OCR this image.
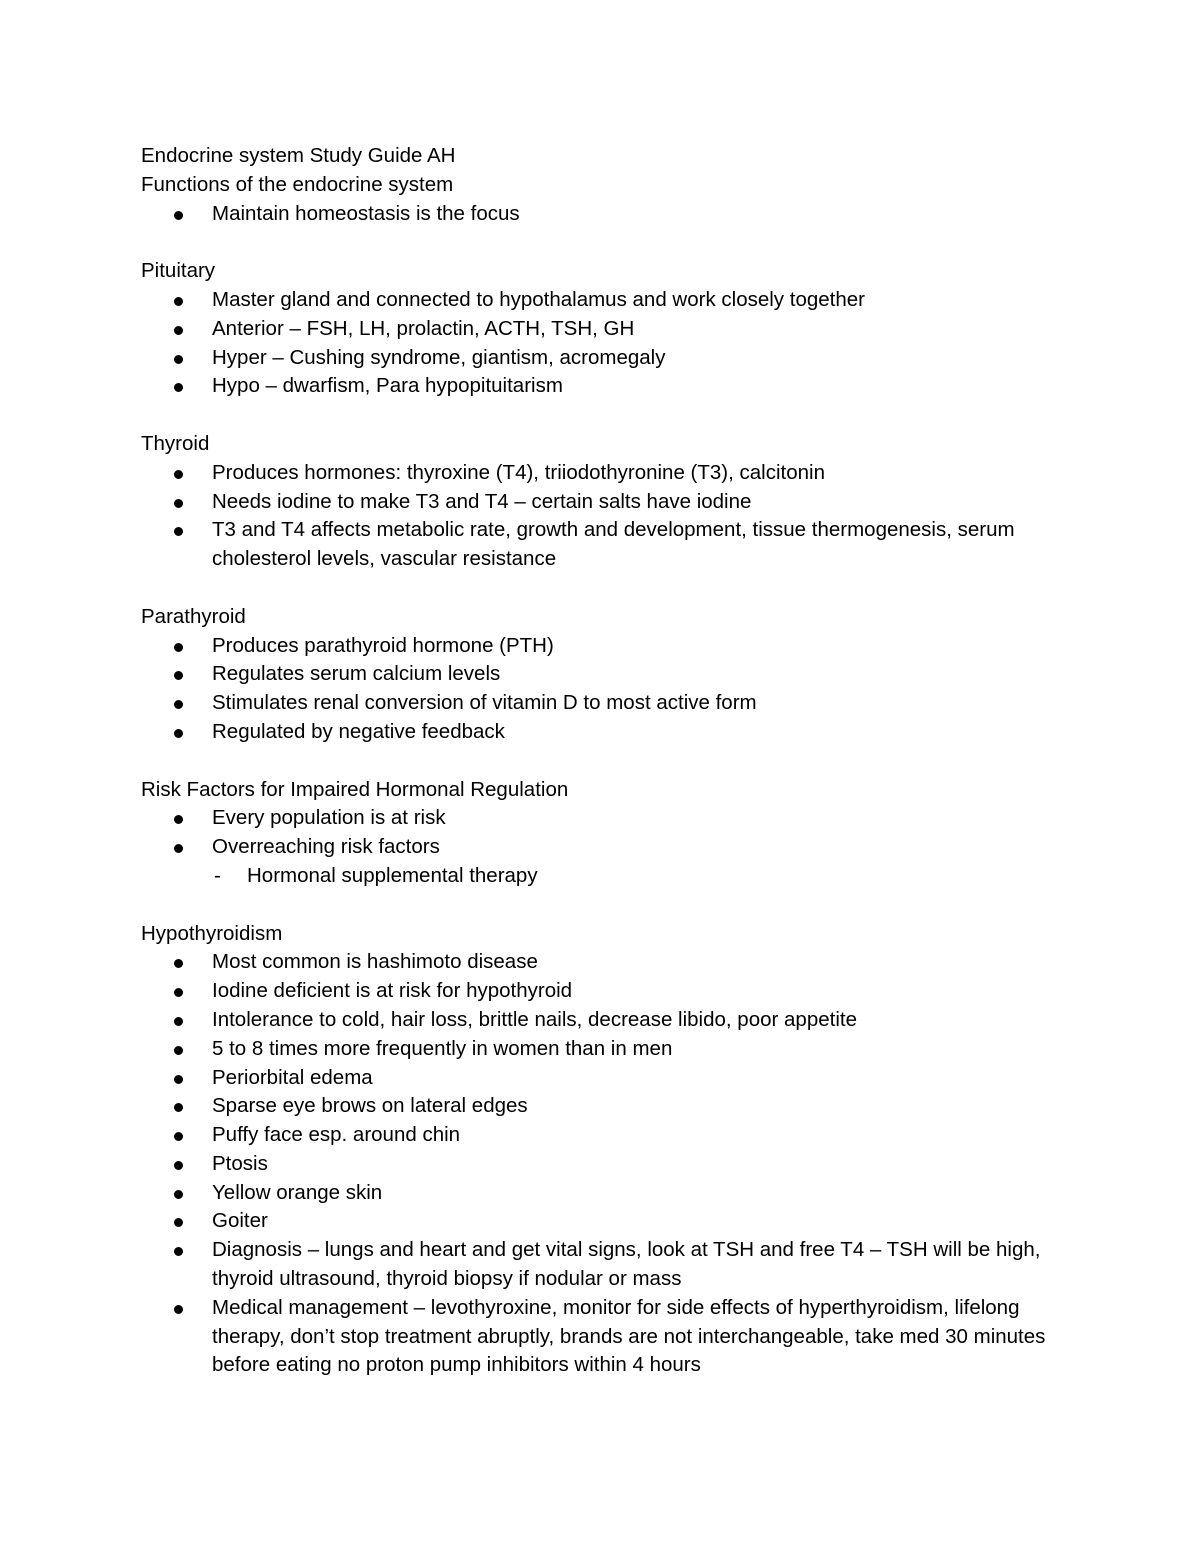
Endocrine system Study Guide AH
Functions of the endocrine system
Maintain homeostasis is the focus
Pituitary
Master gland and connected to hypothalamus and work closely together
Anterior – FSH, LH, prolactin, ACTH, TSH, GH
Hyper – Cushing syndrome, giantism, acromegaly
Hypo – dwarfism, Para hypopituitarism
Thyroid
Produces hormones: thyroxine (T4), triiodothyronine (T3), calcitonin
Needs iodine to make T3 and T4 – certain salts have iodine
T3 and T4 affects metabolic rate, growth and development, tissue thermogenesis, serum cholesterol levels, vascular resistance
Parathyroid
Produces parathyroid hormone (PTH)
Regulates serum calcium levels
Stimulates renal conversion of vitamin D to most active form
Regulated by negative feedback
Risk Factors for Impaired Hormonal Regulation
Every population is at risk
Overreaching risk factors
- Hormonal supplemental therapy
Hypothyroidism
Most common is hashimoto disease
Iodine deficient is at risk for hypothyroid
Intolerance to cold, hair loss, brittle nails, decrease libido, poor appetite
5 to 8 times more frequently in women than in men
Periorbital edema
Sparse eye brows on lateral edges
Puffy face esp. around chin
Ptosis
Yellow orange skin
Goiter
Diagnosis – lungs and heart and get vital signs, look at TSH and free T4 – TSH will be high, thyroid ultrasound, thyroid biopsy if nodular or mass
Medical management – levothyroxine, monitor for side effects of hyperthyroidism, lifelong therapy, don’t stop treatment abruptly, brands are not interchangeable, take med 30 minutes before eating no proton pump inhibitors within 4 hours
